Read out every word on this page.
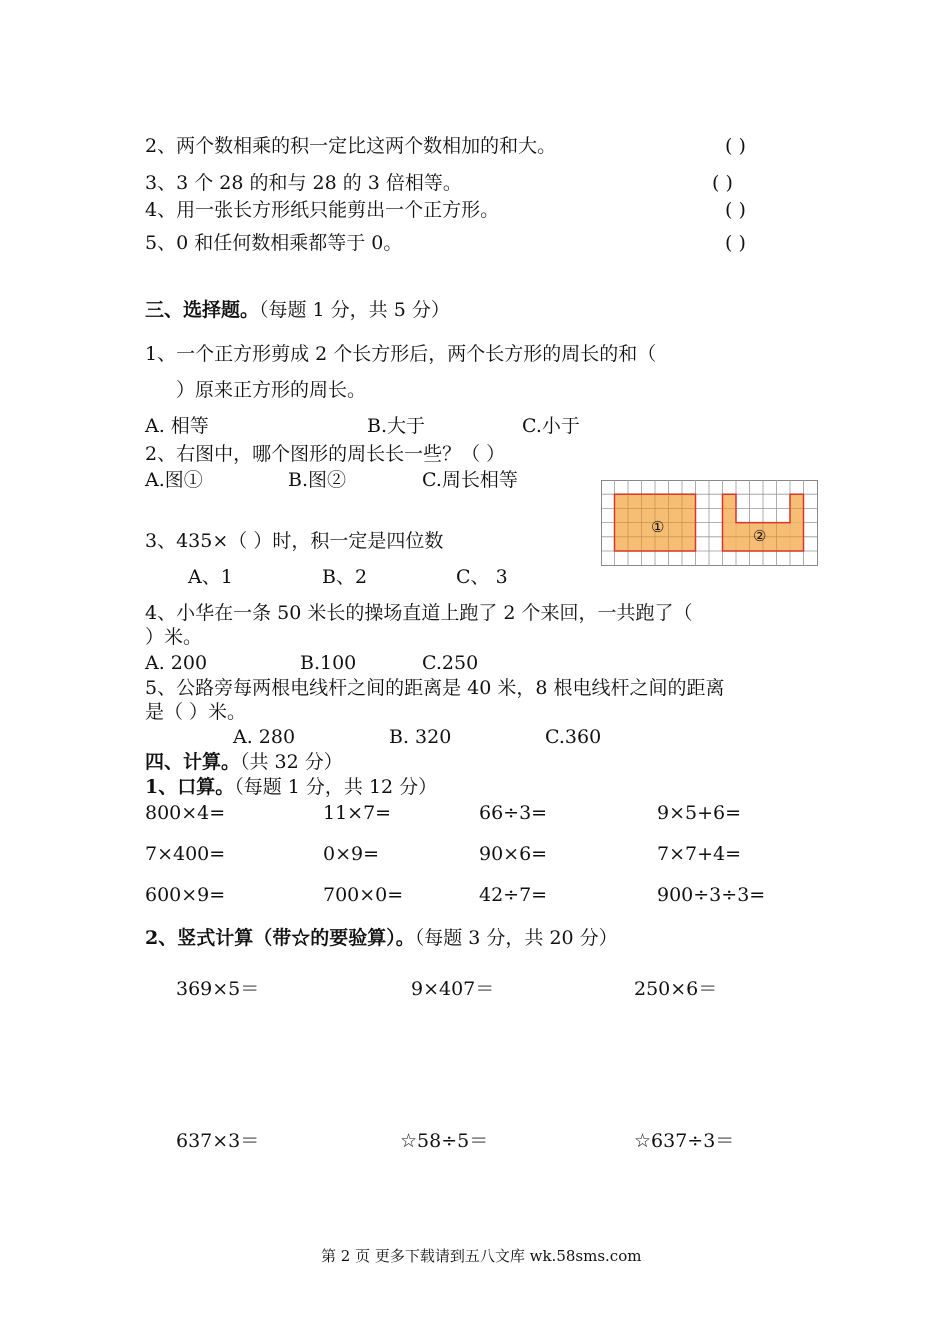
2、两个数相乘的积一定比这两个数相加的和大。	( )
3、3 个 28 的和与 28 的 3 倍相等。	( )
4、用一张长方形纸只能剪出一个正方形。	( )
5、0 和任何数相乘都等于 0。	( )
三、选择题。（每题 1 分，共 5 分）
1、一个正方形剪成 2 个长方形后，两个长方形的周长的和（
）原来正方形的周长。
A. 相等	B.大于	C.小于
2、右图中，哪个图形的周长长一些？（ ）
A.图①	B.图②	C.周长相等
①	②
3、435×（ ）时，积一定是四位数
A、1	B、2	C、 3
4、小华在一条 50 米长的操场直道上跑了 2 个来回，一共跑了（
）米。
A. 200	B.100	C.250
5、公路旁每两根电线杆之间的距离是 40 米，8 根电线杆之间的距离
是（ ）米。
A. 280	B. 320	C.360
四、计算。（共 32 分）
1、口算。（每题 1 分，共 12 分）
800×4=	11×7=	66÷3=	9×5+6=
7×400=	0×9=	90×6=	7×7+4=
600×9=	700×0=	42÷7=	900÷3÷3=
2、竖式计算（带☆的要验算）。（每题 3 分，共 20 分）
369×5＝	9×407＝	250×6＝
637×3＝	☆58÷5＝	☆637÷3＝
第 2 页 更多下载请到五八文库 wk.58sms.com
